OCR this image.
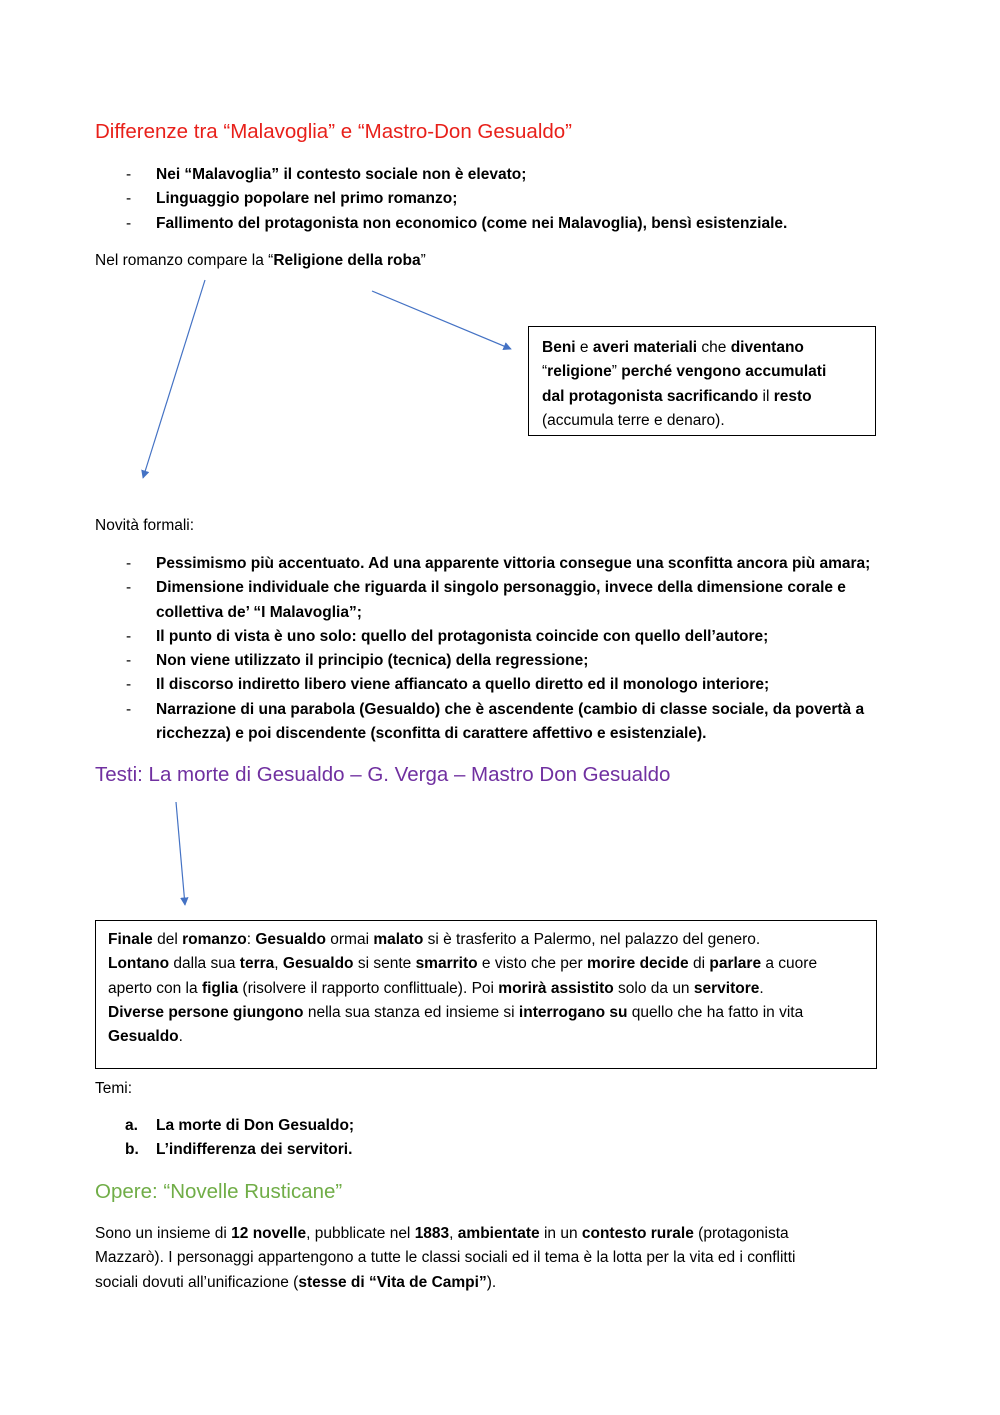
Differenze tra “Malavoglia” e “Mastro-Don Gesualdo”
- Nei “Malavoglia” il contesto sociale non è elevato;
- Linguaggio popolare nel primo romanzo;
- Fallimento del protagonista non economico (come nei Malavoglia), bensì esistenziale.

Nel romanzo compare la “Religione della roba”

Beni e averi materiali che diventano
“religione” perché vengono accumulati
dal protagonista sacrificando il resto
(accumula terre e denaro).

Novità formali:

- Pessimismo più accentuato. Ad una apparente vittoria consegue una sconfitta ancora più amara;
- Dimensione individuale che riguarda il singolo personaggio, invece della dimensione corale e
collettiva de’ “I Malavoglia”;
- Il punto di vista è uno solo: quello del protagonista coincide con quello dell’autore;
- Non viene utilizzato il principio (tecnica) della regressione;
- Il discorso indiretto libero viene affiancato a quello diretto ed il monologo interiore;
- Narrazione di una parabola (Gesualdo) che è ascendente (cambio di classe sociale, da povertà a
ricchezza) e poi discendente (sconfitta di carattere affettivo e esistenziale).
Testi: La morte di Gesualdo – G. Verga – Mastro Don Gesualdo
Finale del romanzo: Gesualdo ormai malato si è trasferito a Palermo, nel palazzo del genero.
Lontano dalla sua terra, Gesualdo si sente smarrito e visto che per morire decide di parlare a cuore
aperto con la figlia (risolvere il rapporto conflittuale). Poi morirà assistito solo da un servitore.
Diverse persone giungono nella sua stanza ed insieme si interrogano su quello che ha fatto in vita
Gesualdo.

Temi:

a. La morte di Don Gesualdo;
b. L’indifferenza dei servitori.
Opere: “Novelle Rusticane”
Sono un insieme di 12 novelle, pubblicate nel 1883, ambientate in un contesto rurale (protagonista
Mazzarò). I personaggi appartengono a tutte le classi sociali ed il tema è la lotta per la vita ed i conflitti
sociali dovuti all’unificazione (stesse di “Vita de Campi”).
